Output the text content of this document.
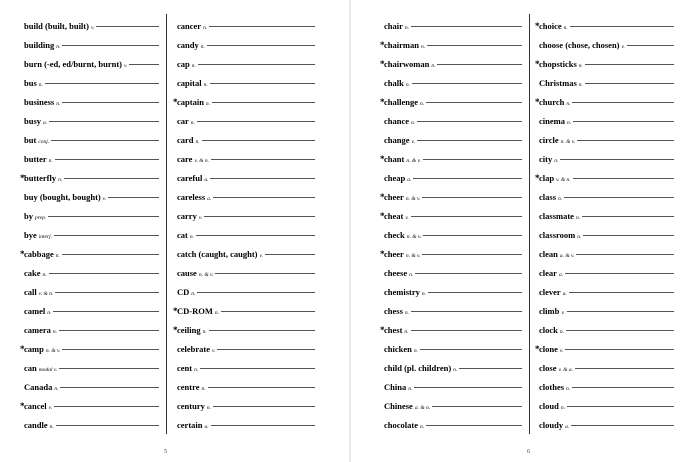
build (built, built) v.
building n.
burn (-ed, ed/burnt, burnt) v.
bus n.
business n.
busy a.
but conj.
butter n.
* butterfly n.
buy (bought, bought) v.
by prep.
bye interj.
* cabbage n.
cake n.
call v. & n.
camel n.
camera n.
* camp n. & v.
can modal v.
Canada n.
* cancel v.
candle n.
cancer n.
candy n.
cap n.
capital n.
* captain n.
car n.
card n.
care v. & n.
careful a.
careless a.
carry v.
cat n.
catch (caught, caught) v.
cause n. & v.
CD n.
* CD-ROM n.
* ceiling n.
celebrate v.
cent n.
centre n.
century n.
certain a.
5
chair n.
* chairman n.
* chairwoman n.
chalk n.
* challenge n.
chance n.
change v.
* chant n. & v.
cheap a.
* cheer n. & v.
* cheat v.
check n. & v.
* cheer n. & v.
cheese n.
chemistry n.
chess n.
* chest n.
chicken n.
child (pl. children) n.
China n.
Chinese a. & n.
chocolate n.
* choice n.
choose (chose, chosen) v.
* chopsticks n.
Christmas n.
* church n.
cinema n.
circle n. & v.
city n.
* clap v. & n.
class n.
classmate n.
classroom n.
clean a. & v.
clear a.
clever a.
climb v.
clock n.
* clone v.
close v. & a.
clothes n.
cloud n.
cloudy a.
6
